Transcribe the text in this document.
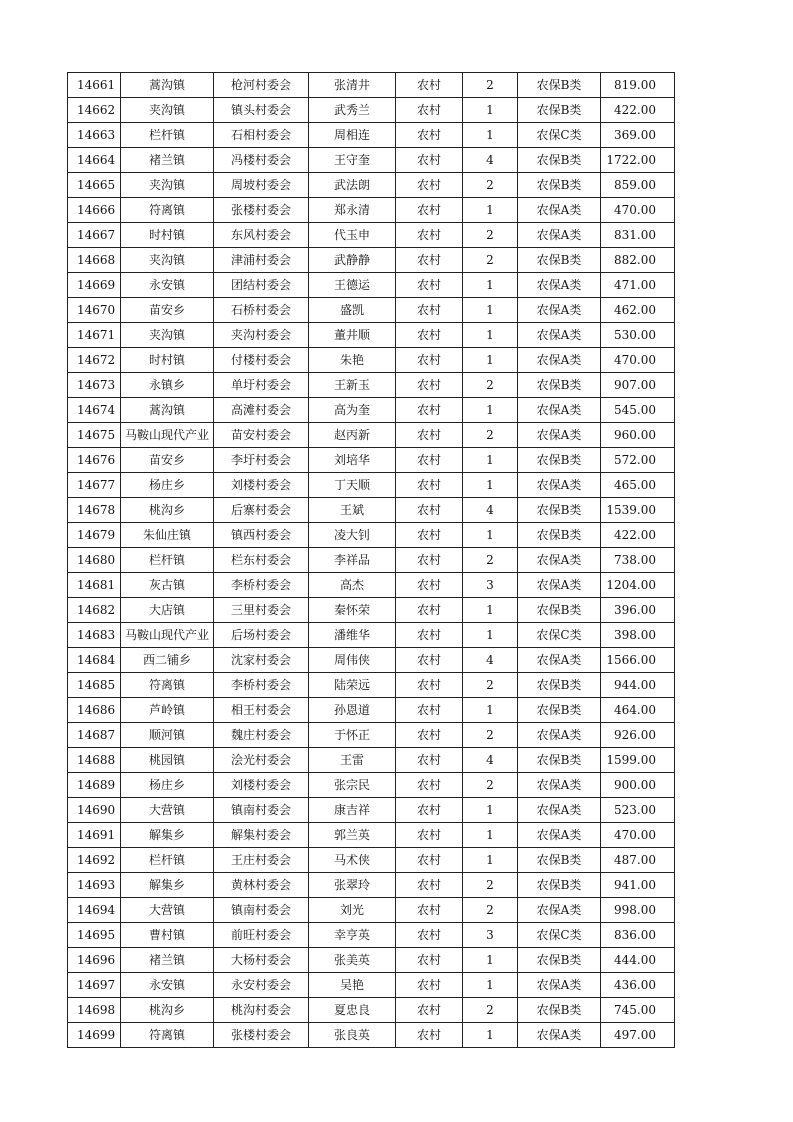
14661	蒿沟镇	枪河村委会	张清井	农村	2	农保B类	819.00
14662	夹沟镇	镇头村委会	武秀兰	农村	1	农保B类	422.00
14663	栏杆镇	石相村委会	周相连	农村	1	农保C类	369.00
14664	褚兰镇	冯楼村委会	王守奎	农村	4	农保B类	1722.00
14665	夹沟镇	周坡村委会	武法朗	农村	2	农保B类	859.00
14666	符离镇	张楼村委会	郑永清	农村	1	农保A类	470.00
14667	时村镇	东风村委会	代玉申	农村	2	农保A类	831.00
14668	夹沟镇	津浦村委会	武静静	农村	2	农保B类	882.00
14669	永安镇	团结村委会	王德运	农村	1	农保A类	471.00
14670	苗安乡	石桥村委会	盛凯	农村	1	农保A类	462.00
14671	夹沟镇	夹沟村委会	董井顺	农村	1	农保A类	530.00
14672	时村镇	付楼村委会	朱艳	农村	1	农保A类	470.00
14673	永镇乡	单圩村委会	王新玉	农村	2	农保B类	907.00
14674	蒿沟镇	高滩村委会	高为奎	农村	1	农保A类	545.00
14675	马鞍山现代产业	苗安村委会	赵丙新	农村	2	农保A类	960.00
14676	苗安乡	李圩村委会	刘培华	农村	1	农保B类	572.00
14677	杨庄乡	刘楼村委会	丁天顺	农村	1	农保A类	465.00
14678	桃沟乡	后寨村委会	王斌	农村	4	农保B类	1539.00
14679	朱仙庄镇	镇西村委会	凌大钊	农村	1	农保B类	422.00
14680	栏杆镇	栏东村委会	李祥品	农村	2	农保A类	738.00
14681	灰古镇	李桥村委会	高杰	农村	3	农保A类	1204.00
14682	大店镇	三里村委会	秦怀荣	农村	1	农保B类	396.00
14683	马鞍山现代产业	后场村委会	潘维华	农村	1	农保C类	398.00
14684	西二铺乡	沈家村委会	周伟侠	农村	4	农保A类	1566.00
14685	符离镇	李桥村委会	陆荣远	农村	2	农保B类	944.00
14686	芦岭镇	相王村委会	孙恩道	农村	1	农保B类	464.00
14687	顺河镇	魏庄村委会	于怀正	农村	2	农保A类	926.00
14688	桃园镇	浍光村委会	王雷	农村	4	农保B类	1599.00
14689	杨庄乡	刘楼村委会	张宗民	农村	2	农保A类	900.00
14690	大营镇	镇南村委会	康吉祥	农村	1	农保A类	523.00
14691	解集乡	解集村委会	郭兰英	农村	1	农保A类	470.00
14692	栏杆镇	王庄村委会	马术侠	农村	1	农保B类	487.00
14693	解集乡	黄林村委会	张翠玲	农村	2	农保B类	941.00
14694	大营镇	镇南村委会	刘光	农村	2	农保A类	998.00
14695	曹村镇	前旺村委会	幸亨英	农村	3	农保C类	836.00
14696	褚兰镇	大杨村委会	张美英	农村	1	农保B类	444.00
14697	永安镇	永安村委会	吴艳	农村	1	农保A类	436.00
14698	桃沟乡	桃沟村委会	夏忠良	农村	2	农保B类	745.00
14699	符离镇	张楼村委会	张良英	农村	1	农保A类	497.00
